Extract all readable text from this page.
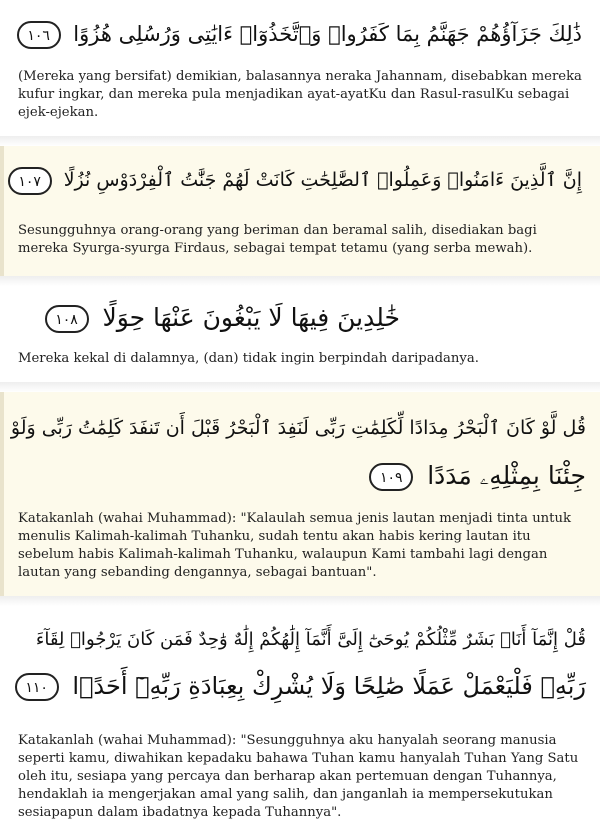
ذَٰلِكَ جَزَآؤُهُمْ جَهَنَّمُ بِمَا كَفَرُوا۟ وَٱتَّخَذُوٓا۟ ءَايَٰتِى وَرُسُلِى هُزُوًا ١٠٦

(Mereka yang bersifat) demikian, balasannya neraka Jahannam, disebabkan mereka kufur ingkar, dan mereka pula menjadikan ayat-ayatKu dan Rasul-rasulKu sebagai ejek-ejekan.

إِنَّ ٱلَّذِينَ ءَامَنُوا۟ وَعَمِلُوا۟ ٱلصَّٰلِحَٰتِ كَانَتْ لَهُمْ جَنَّٰتُ ٱلْفِرْدَوْسِ نُزُلًا ١٠٧

Sesungguhnya orang-orang yang beriman dan beramal salih, disediakan bagi mereka Syurga-syurga Firdaus, sebagai tempat tetamu (yang serba mewah).

خَٰلِدِينَ فِيهَا لَا يَبْغُونَ عَنْهَا حِوَلًا ١٠٨

Mereka kekal di dalamnya, (dan) tidak ingin berpindah daripadanya.

قُل لَّوْ كَانَ ٱلْبَحْرُ مِدَادًا لِّكَلِمَٰتِ رَبِّى لَنَفِدَ ٱلْبَحْرُ قَبْلَ أَن تَنفَدَ كَلِمَٰتُ رَبِّى وَلَوْ
جِئْنَا بِمِثْلِهِۦ مَدَدًا ١٠٩

Katakanlah (wahai Muhammad): "Kalaulah semua jenis lautan menjadi tinta untuk menulis Kalimah-kalimah Tuhanku, sudah tentu akan habis kering lautan itu sebelum habis Kalimah-kalimah Tuhanku, walaupun Kami tambahi lagi dengan lautan yang sebanding dengannya, sebagai bantuan".

قُلْ إِنَّمَآ أَنَا۠ بَشَرٌ مِّثْلُكُمْ يُوحَىٰٓ إِلَىَّ أَنَّمَآ إِلَٰهُكُمْ إِلَٰهٌ وَٰحِدٌ فَمَن كَانَ يَرْجُوا۟ لِقَآءَ
رَبِّهِۦ فَلْيَعْمَلْ عَمَلًا صَٰلِحًا وَلَا يُشْرِكْ بِعِبَادَةِ رَبِّهِۦٓ أَحَدًۢا ١١٠

Katakanlah (wahai Muhammad): "Sesungguhnya aku hanyalah seorang manusia seperti kamu, diwahikan kepadaku bahawa Tuhan kamu hanyalah Tuhan Yang Satu oleh itu, sesiapa yang percaya dan berharap akan pertemuan dengan Tuhannya, hendaklah ia mengerjakan amal yang salih, dan janganlah ia mempersekutukan sesiapapun dalam ibadatnya kepada Tuhannya".
